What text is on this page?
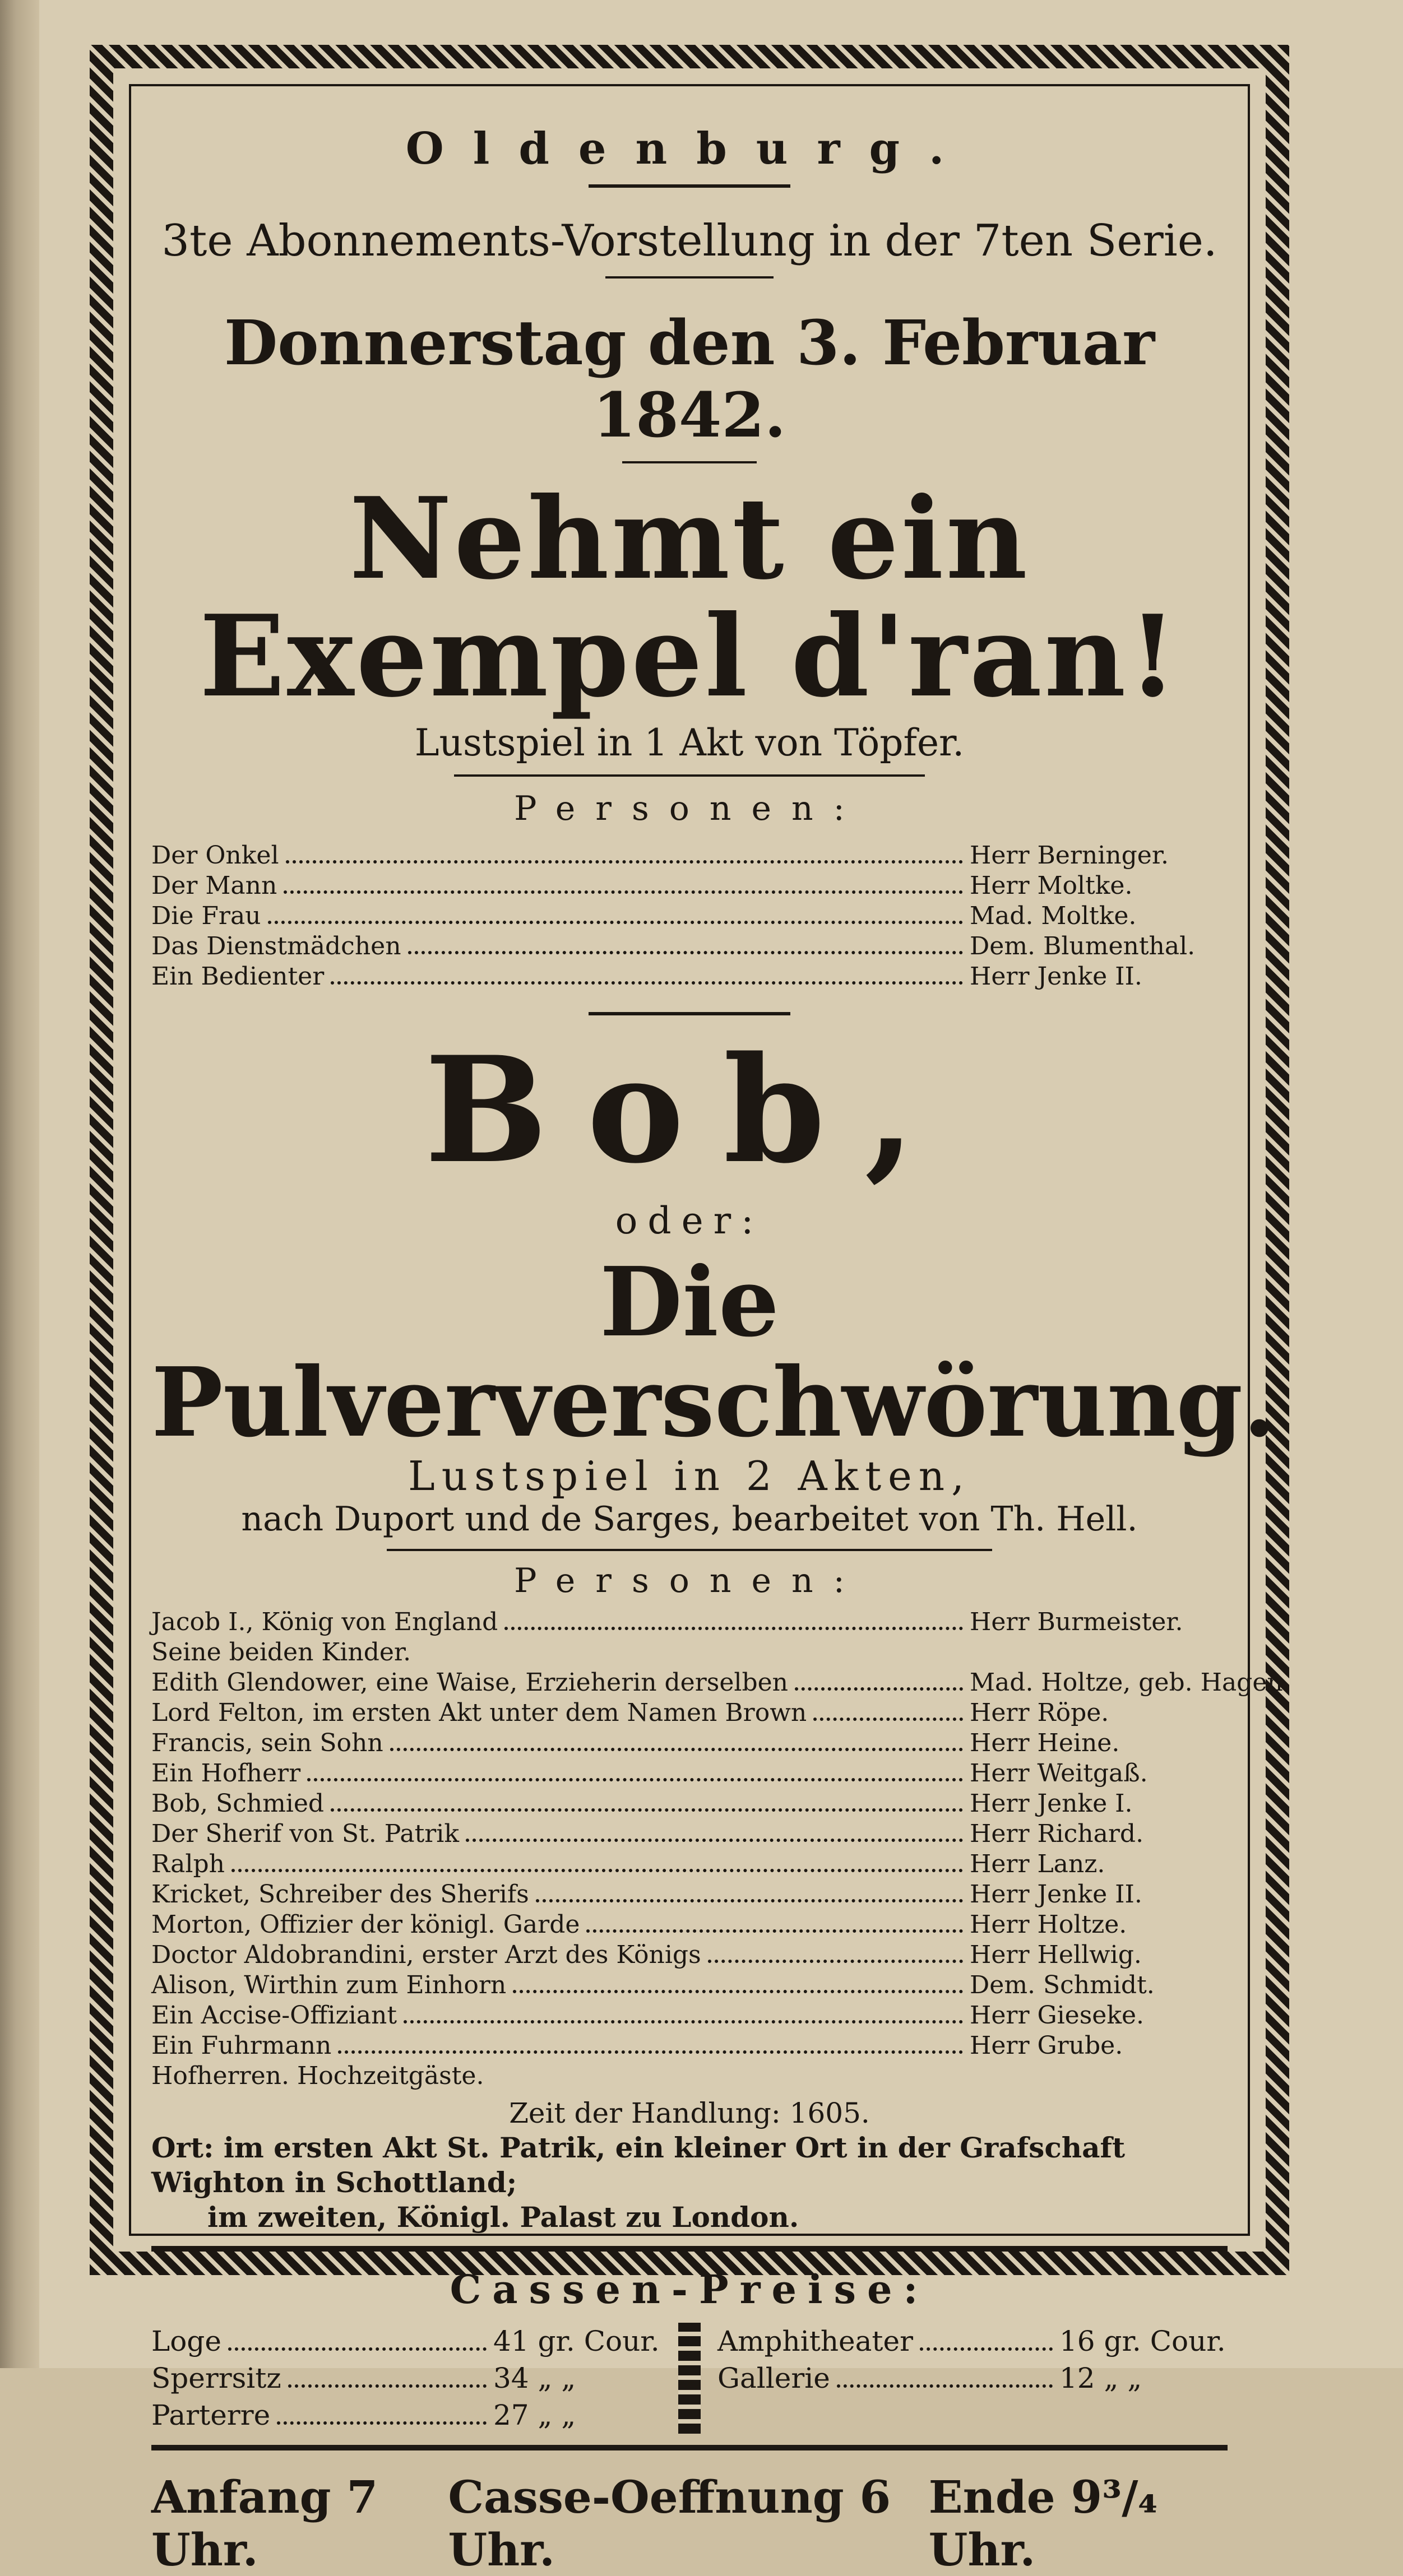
Oldenburg.
3te Abonnements-Vorstellung in der 7ten Serie.
Donnerstag den 3. Februar 1842.
Nehmt ein Exempel d'ran!
Lustspiel in 1 Akt von Töpfer.
Personen:
Der Onkel	Herr Berninger.
Der Mann	Herr Moltke.
Die Frau	Mad. Moltke.
Das Dienstmädchen	Dem. Blumenthal.
Ein Bedienter	Herr Jenke II.
Bob,
oder:
Die Pulververschwörung.
Lustspiel in 2 Akten,
nach Duport und de Sarges, bearbeitet von Th. Hell.
Personen:
Jacob I., König von England	Herr Burmeister.
Seine beiden Kinder.
Edith Glendower, eine Waise, Erzieherin derselben	Mad. Holtze, geb. Hagen.
Lord Felton, im ersten Akt unter dem Namen Brown	Herr Röpe.
Francis, sein Sohn	Herr Heine.
Ein Hofherr	Herr Weitgaß.
Bob, Schmied	Herr Jenke I.
Der Sherif von St. Patrik	Herr Richard.
Ralph	Herr Lanz.
Kricket, Schreiber des Sherifs	Herr Jenke II.
Morton, Offizier der königl. Garde	Herr Holtze.
Doctor Aldobrandini, erster Arzt des Königs	Herr Hellwig.
Alison, Wirthin zum Einhorn	Dem. Schmidt.
Ein Accise-Offiziant	Herr Gieseke.
Ein Fuhrmann	Herr Grube.
Hofherren. Hochzeitgäste.
Zeit der Handlung: 1605.
Ort: im ersten Akt St. Patrik, ein kleiner Ort in der Grafschaft Wighton in Schottland;
im zweiten, Königl. Palast zu London.
Cassen-Preise:
Loge	41 gr. Cour.
Sperrsitz	34 „ „
Parterre	27 „ „
Amphitheater	16 gr. Cour.
Gallerie	12 „ „
Anfang 7 Uhr.
Casse-Oeffnung 6 Uhr.
Ende 9³/₄ Uhr.
